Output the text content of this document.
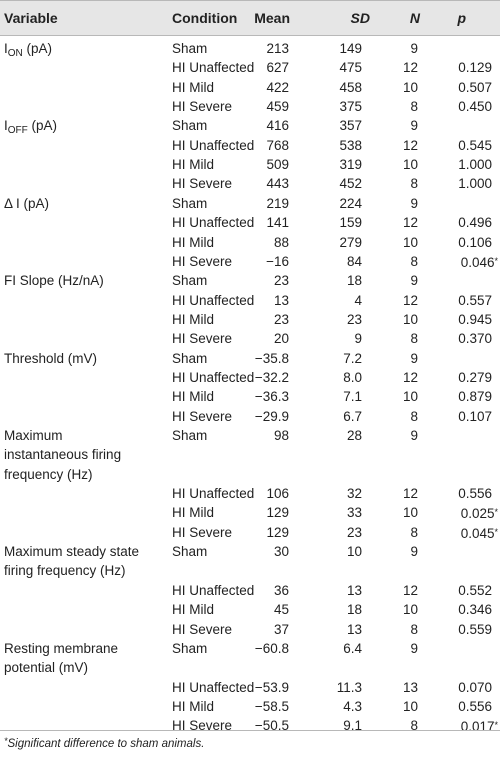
Variable	Condition Mean	SD	N	p
$I_{ON}$ (pA)	Sham	213	149	9
HI Unaffected 627	475	12	0.129
HI Mild	422	458	10	0.507
HI Severe	459	375	8	0.450
$I_{OFF}$ (pA)	Sham	416	357	9
HI Unaffected 768	538	12	0.545
HI Mild	509	319	10	1.000
HI Severe	443	452	8	1.000
Δ I (pA)	Sham	219	224	9
HI Unaffected 141	159	12	0.496
HI Mild	88	279	10	0.106
HI Severe	−16	84	8	0.046*
FI Slope (Hz/nA)	Sham	23	18	9
HI Unaffected 13	4	12	0.557
HI Mild	23	23	10	0.945
HI Severe	20	9	8	0.370
Threshold (mV)	Sham	−35.8	7.2	9
HI Unaffected −32.2	8.0	12	0.279
HI Mild	−36.3	7.1	10	0.879
HI Severe −29.9	6.7	8	0.107
Maximum	Sham	98	28	9
instantaneous firing
frequency (Hz)
HI Unaffected 106	32	12	0.556
HI Mild	129	33	10	0.025*
HI Severe	129	23	8	0.045*
Maximum steady state Sham	30	10	9
firing frequency (Hz)
HI Unaffected 36	13	12	0.552
HI Mild	45	18	10	0.346
HI Severe	37	13	8	0.559
Resting membrane	Sham	−60.8	6.4	9
potential (mV)
HI Unaffected −53.9	11.3	13	0.070
HI Mild	−58.5	4.3	10	0.556
HI Severe −50.5	9.1	8	0.017*
*Significant difference to sham animals.
